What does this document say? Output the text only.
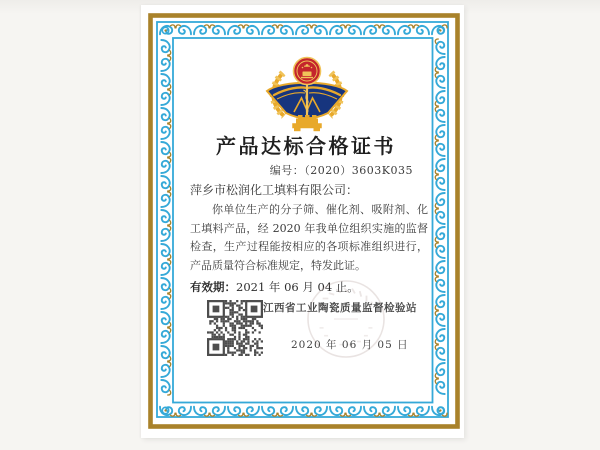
产品达标合格证书
编号：（2020）3603K035
萍乡市松润化工填料有限公司：

你单位生产的分子筛、催化剂、吸附剂、化工填料产品，经 2020 年我单位组织实施的监督检查，生产过程能按相应的各项标准组织进行，产品质量符合标准规定，特发此证。

有效期：2021 年 06 月 04 止。
江西省工业陶瓷质量监督检验站
2020 年 06 月 05 日
